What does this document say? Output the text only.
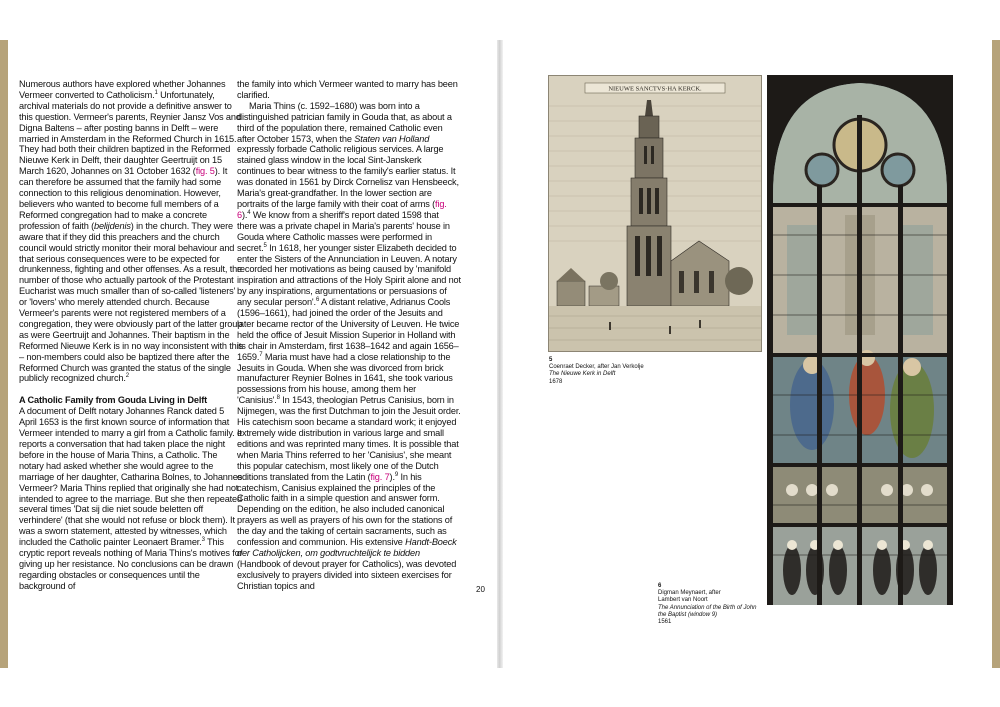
Numerous authors have explored whether Johannes Vermeer converted to Catholicism.$^1$ Unfortunately, archival materials do not provide a definitive answer to this question. Vermeer's parents, Reynier Jansz Vos and Digna Baltens – after posting banns in Delft – were married in Amsterdam in the Reformed Church in 1615. They had both their children baptized in the Reformed Nieuwe Kerk in Delft, their daughter Geertruijt on 15 March 1620, Johannes on 31 October 1632 (fig. 5). It can therefore be assumed that the family had some connection to this religious denomination. However, believers who wanted to become full members of a Reformed congregation had to make a concrete profession of faith (belijdenis) in the church. They were aware that if they did this preachers and the church council would strictly monitor their moral behaviour and that serious consequences were to be expected for drunkenness, fighting and other offenses. As a result, the number of those who actually partook of the Protestant Eucharist was much smaller than of so-called 'listeners' or 'lovers' who merely attended church. Because Vermeer's parents were not registered members of a congregation, they were obviously part of the latter group as were Geertruijt and Johannes. Their baptism in the Reformed Nieuwe Kerk is in no way inconsistent with this – non-members could also be baptized there after the Reformed Church was granted the status of the single publicly recognized church.$^2$

A Catholic Family from Gouda Living in Delft

A document of Delft notary Johannes Ranck dated 5 April 1653 is the first known source of information that Vermeer intended to marry a girl from a Catholic family. It reports a conversation that had taken place the night before in the house of Maria Thins, a Catholic. The notary had asked whether she would agree to the marriage of her daughter, Catharina Bolnes, to Johannes Vermeer? Maria Thins replied that originally she had not intended to agree to the marriage. But she then repeated several times 'Dat sij die niet soude beletten off verhindere' (that she would not refuse or block them). It was a sworn statement, attested by witnesses, which included the Catholic painter Leonaert Bramer.$^3$ This cryptic report reveals nothing of Maria Thins's motives for giving up her resistance. No conclusions can be drawn regarding obstacles or consequences until the background of

the family into which Vermeer wanted to marry has been clarified.

Maria Thins (c. 1592–1680) was born into a distinguished patrician family in Gouda that, as about a third of the population there, remained Catholic even after October 1573, when the Staten van Holland expressly forbade Catholic religious services. A large stained glass window in the local Sint-Janskerk continues to bear witness to the family's earlier status. It was donated in 1561 by Dirck Cornelisz van Hensbeeck, Maria's great-grandfather. In the lower section are portraits of the large family with their coat of arms (fig. 6).$^4$ We know from a sheriff's report dated 1598 that there was a private chapel in Maria's parents' house in Gouda where Catholic masses were performed in secret.$^5$ In 1618, her younger sister Elizabeth decided to enter the Sisters of the Annunciation in Leuven. A notary recorded her motivations as being caused by 'manifold inspiration and attractions of the Holy Spirit alone and not by any inspirations, argumentations or persuasions of any secular person'.$^6$ A distant relative, Adrianus Cools (1596–1661), had joined the order of the Jesuits and later became rector of the University of Leuven. He twice held the office of Jesuit Mission Superior in Holland with its chair in Amsterdam, first 1638–1642 and again 1656–1659.$^7$ Maria must have had a close relationship to the Jesuits in Gouda. When she was divorced from brick manufacturer Reynier Bolnes in 1641, she took various possessions from his house, among them her 'Canisius'.$^8$ In 1543, theologian Petrus Canisius, born in Nijmegen, was the first Dutchman to join the Jesuit order. His catechism soon became a standard work; it enjoyed extremely wide distribution in various large and small editions and was reprinted many times. It is possible that when Maria Thins referred to her 'Canisius', she meant this popular catechism, most likely one of the Dutch editions translated from the Latin (fig. 7).$^9$ In his catechism, Canisius explained the principles of the Catholic faith in a simple question and answer form. Depending on the edition, he also included canonical prayers as well as prayers of his own for the stations of the day and the taking of certain sacraments, such as confession and communion. His extensive Handt-Boeck der Catholijcken, om godtvruchtelijck te bidden (Handbook of devout prayer for Catholics), was devoted exclusively to prayers divided into sixteen exercises for Christian topics and	20
NIEUWE SANCTVS·HA KERCK.
5
Coenraet Decker, after Jan Verkolje
The Nieuwe Kerk in Delft
1678
6
Digman Meynaert, after
Lambert van Noort
The Annunciation of the Birth of John the Baptist (window 9)
1561
